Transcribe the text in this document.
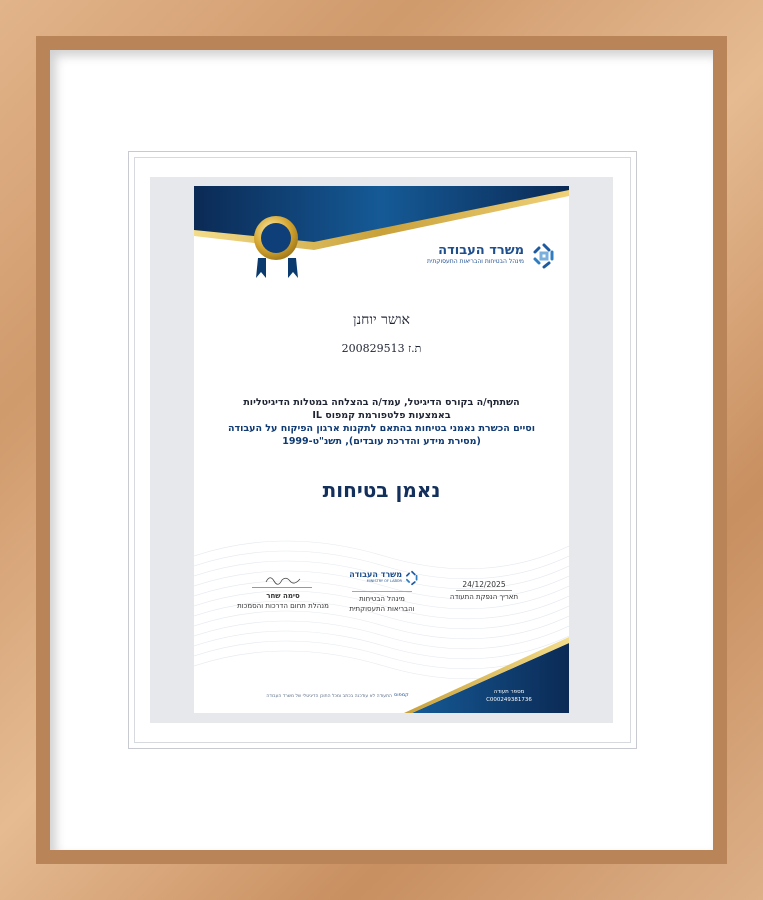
משרד העבודה
מינהל הבטיחות והבריאות התעסוקתית
אושר יוחנן
ת.ז 200829513
השתתף/ה בקורס הדיגיטל, עמד/ה בהצלחה במטלות הדיגיטליות
באמצעות פלטפורמת קמפוס IL
וסיים הכשרת נאמני בטיחות בהתאם לתקנות ארגון הפיקוח על העבודה
(מסירת מידע והדרכת עובדים), תשנ"ט-1999
נאמן בטיחות
סימה שחר
מנהלת תחום הדרכות והסמכות
משרד העבודה
MINISTRY OF LABOR
מינהל הבטיחות
והבריאות התעסוקתית
24/12/2025
תאריך הנפקת התעודה
מספר תעודה
C000249381736
התעודה לא עודכנה בכתב ומכל התוכן הדיגיטלי של משרד העבודה קמפוס
